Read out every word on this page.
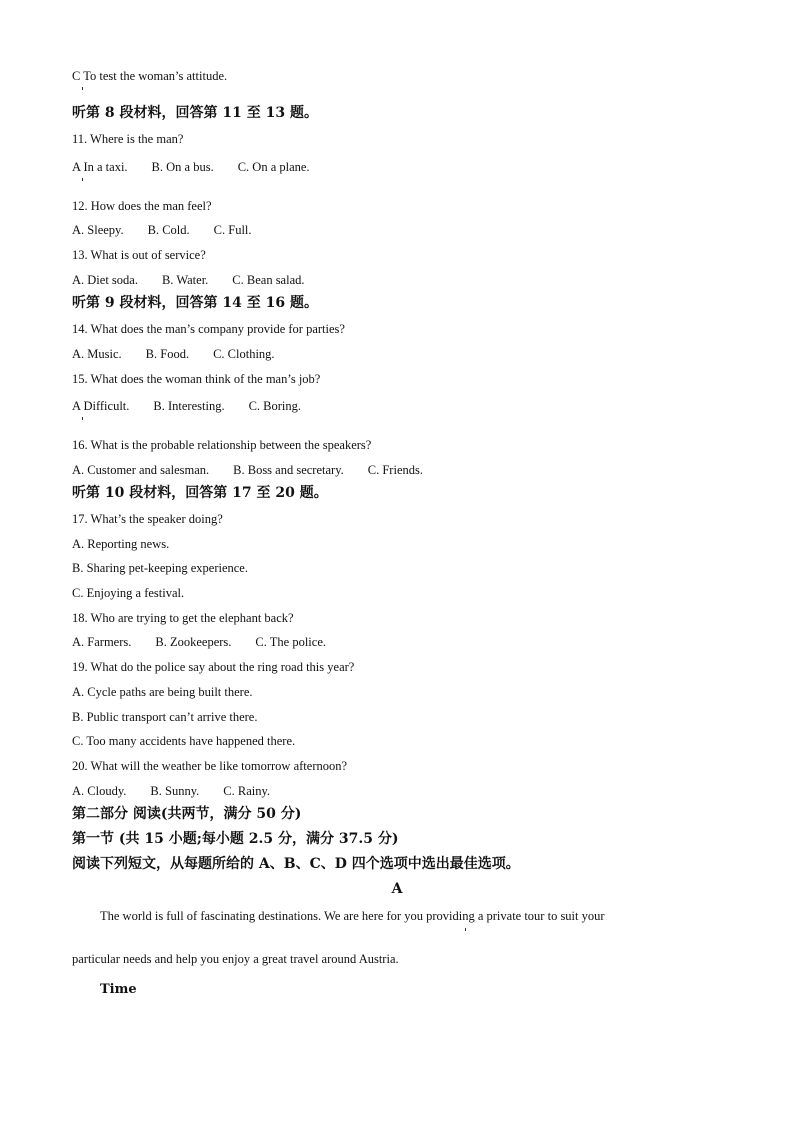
C To test the woman’s attitude.
听第 8 段材料，回答第 11 至 13 题。
11. Where is the man?
A In a taxi. B. On a bus. C. On a plane.
12. How does the man feel?
A. Sleepy. B. Cold. C. Full.
13. What is out of service?
A. Diet soda. B. Water. C. Bean salad.
听第 9 段材料，回答第 14 至 16 题。
14. What does the man’s company provide for parties?
A. Music. B. Food. C. Clothing.
15. What does the woman think of the man’s job?
A Difficult. B. Interesting. C. Boring.
16. What is the probable relationship between the speakers?
A. Customer and salesman. B. Boss and secretary. C. Friends.
听第 10 段材料，回答第 17 至 20 题。
17. What’s the speaker doing?
A. Reporting news.
B. Sharing pet-keeping experience.
C. Enjoying a festival.
18. Who are trying to get the elephant back?
A. Farmers. B. Zookeepers. C. The police.
19. What do the police say about the ring road this year?
A. Cycle paths are being built there.
B. Public transport can’t arrive there.
C. Too many accidents have happened there.
20. What will the weather be like tomorrow afternoon?
A. Cloudy. B. Sunny. C. Rainy.
第二部分 阅读(共两节，满分 50 分)
第一节 (共 15 小题;每小题 2.5 分，满分 37.5 分)
阅读下列短文，从每题所给的 A、B、C、D 四个选项中选出最佳选项。
A
The world is full of fascinating destinations. We are here for you providing a private tour to suit your
particular needs and help you enjoy a great travel around Austria.
Time
